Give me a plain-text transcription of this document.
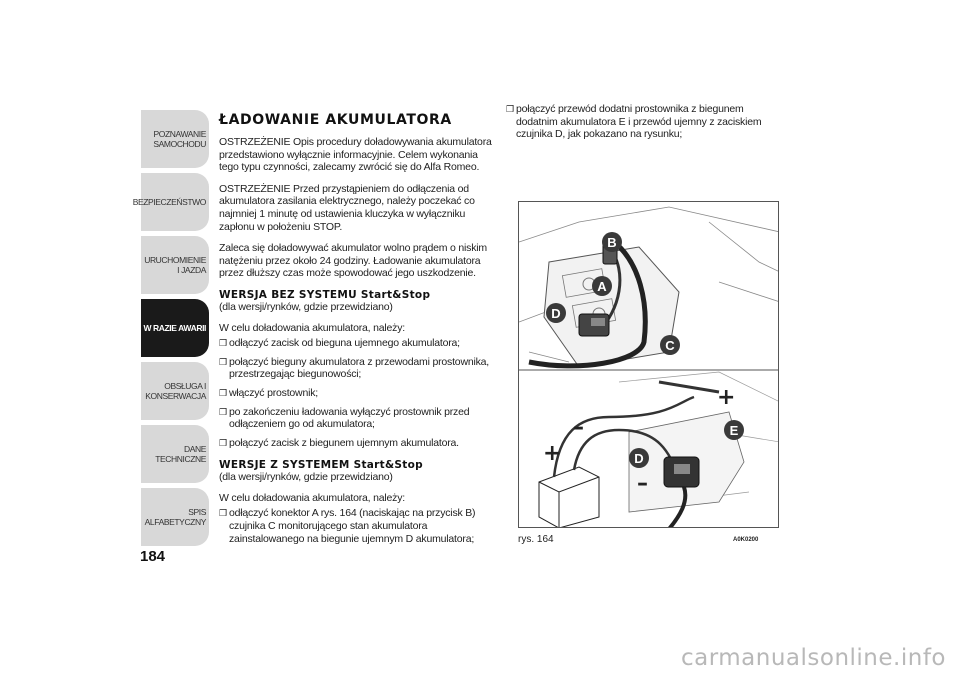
POZNAWANIE SAMOCHODU
BEZPIECZEŃSTWO
URUCHOMIENIE I JAZDA
W RAZIE AWARII
OBSŁUGA I KONSERWACJA
DANE TECHNICZNE
SPIS ALFABETYCZNY
184
ŁADOWANIE AKUMULATORA

OSTRZEŻENIE Opis procedury doładowywania akumulatora przedstawiono wyłącznie informacyjnie. Celem wykonania tego typu czynności, zalecamy zwrócić się do Alfa Romeo.

OSTRZEŻENIE Przed przystąpieniem do odłączenia od akumulatora zasilania elektrycznego, należy poczekać co najmniej 1 minutę od ustawienia kluczyka w wyłączniku zapłonu w położeniu STOP.

Zaleca się doładowywać akumulator wolno prądem o niskim natężeniu przez około 24 godziny. Ładowanie akumulatora przez dłuższy czas może spowodować jego uszkodzenie.

WERSJA BEZ SYSTEMU Start&Stop

(dla wersji/rynków, gdzie przewidziano)

W celu doładowania akumulatora, należy:

❒ odłączyć zacisk od bieguna ujemnego akumulatora;
❒ połączyć bieguny akumulatora z przewodami prostownika, przestrzegając biegunowości;
❒ włączyć prostownik;
❒ po zakończeniu ładowania wyłączyć prostownik przed odłączeniem go od akumulatora;
❒ połączyć zacisk z biegunem ujemnym akumulatora.
WERSJE Z SYSTEMEM Start&Stop

(dla wersji/rynków, gdzie przewidziano)

W celu doładowania akumulatora, należy:

❒ odłączyć konektor A rys. 164 (naciskając na przycisk B) czujnika C monitorującego stan akumulatora zainstalowanego na biegunie ujemnym D akumulatora;
❒ połączyć przewód dodatni prostownika z biegunem dodatnim akumulatora E i przewód ujemny z zaciskiem czujnika D, jak pokazano na rysunku;
B
A
D
C
E
D
+
–
+
–
rys. 164	A0K0200
carmanualsonline.info
